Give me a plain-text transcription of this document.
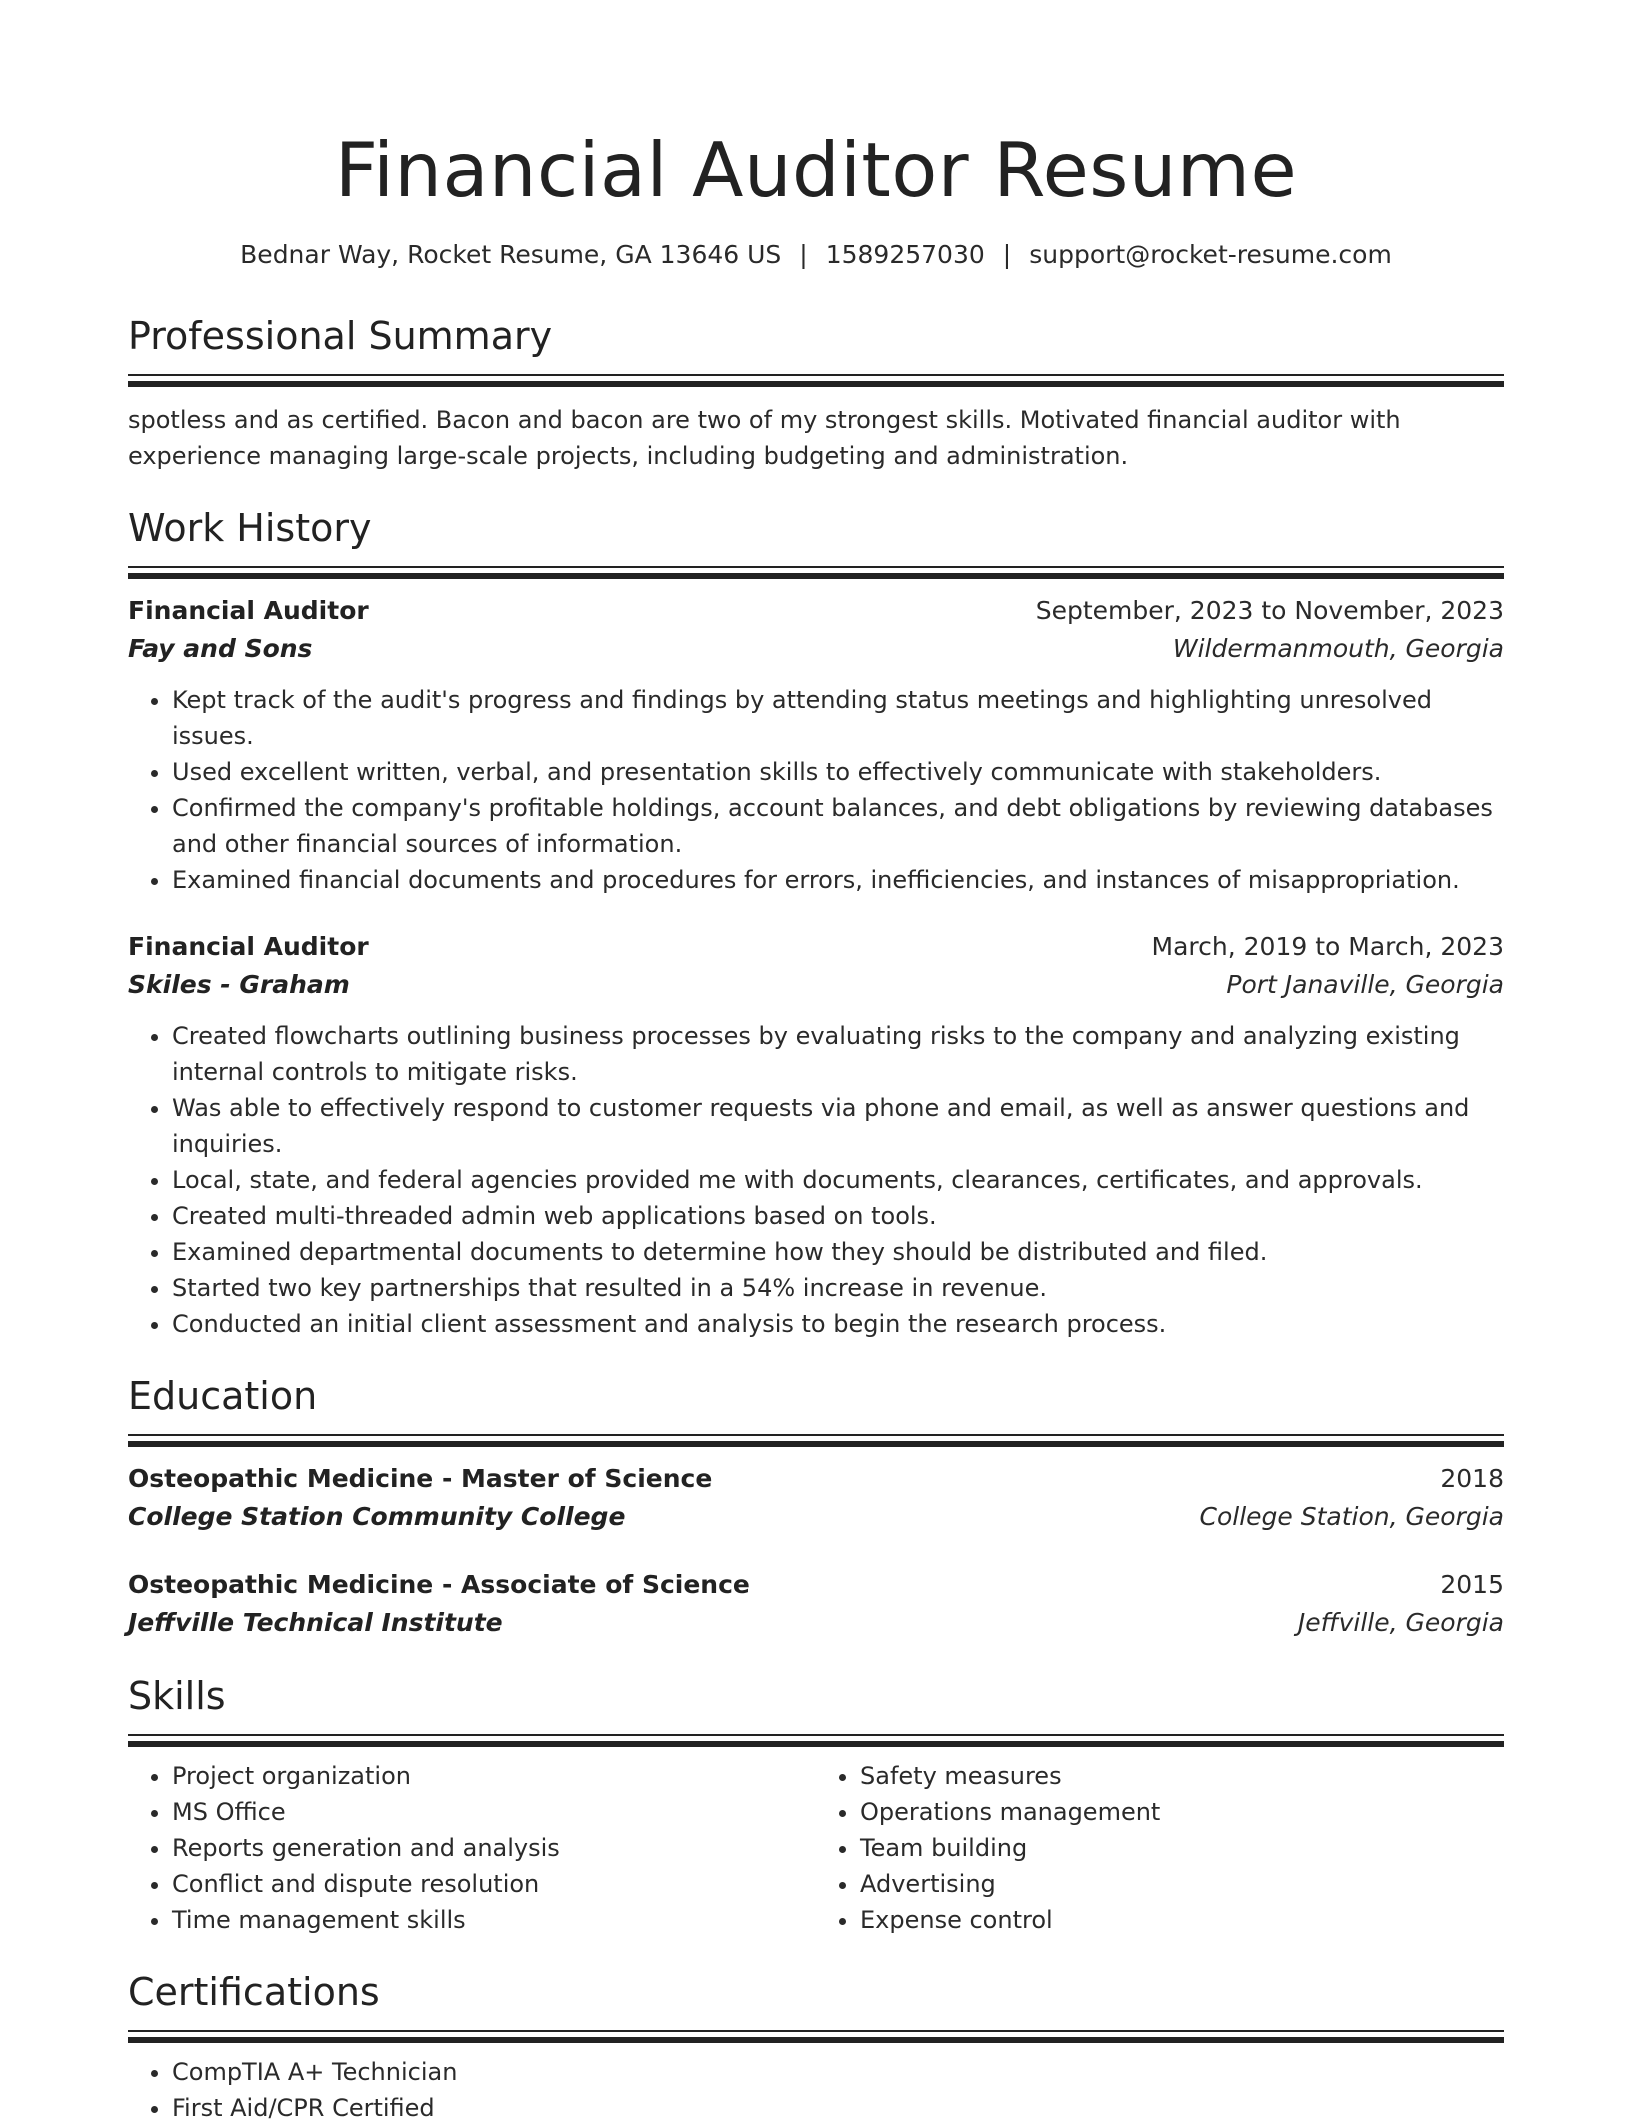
Financial Auditor Resume
Bednar Way, Rocket Resume, GA 13646 US | 1589257030 | support@rocket-resume.com
Professional Summary

spotless and as certified. Bacon and bacon are two of my strongest skills. Motivated financial auditor with experience managing large-scale projects, including budgeting and administration.

Work History
Financial Auditor	September, 2023 to November, 2023
Fay and Sons	Wildermanmouth, Georgia
• Kept track of the audit's progress and findings by attending status meetings and highlighting unresolved issues.
• Used excellent written, verbal, and presentation skills to effectively communicate with stakeholders.
• Confirmed the company's profitable holdings, account balances, and debt obligations by reviewing databases and other financial sources of information.
• Examined financial documents and procedures for errors, inefficiencies, and instances of misappropriation.
Financial Auditor	March, 2019 to March, 2023
Skiles - Graham	Port Janaville, Georgia
• Created flowcharts outlining business processes by evaluating risks to the company and analyzing existing internal controls to mitigate risks.
• Was able to effectively respond to customer requests via phone and email, as well as answer questions and inquiries.
• Local, state, and federal agencies provided me with documents, clearances, certificates, and approvals.
• Created multi-threaded admin web applications based on tools.
• Examined departmental documents to determine how they should be distributed and filed.
• Started two key partnerships that resulted in a 54% increase in revenue.
• Conducted an initial client assessment and analysis to begin the research process.
Education
Osteopathic Medicine - Master of Science	2018
College Station Community College	College Station, Georgia
Osteopathic Medicine - Associate of Science	2015
Jeffville Technical Institute	Jeffville, Georgia
Skills
• Project organization
• MS Office
• Reports generation and analysis
• Conflict and dispute resolution
• Time management skills
• Safety measures
• Operations management
• Team building
• Advertising
• Expense control
Certifications
• CompTIA A+ Technician
• First Aid/CPR Certified
